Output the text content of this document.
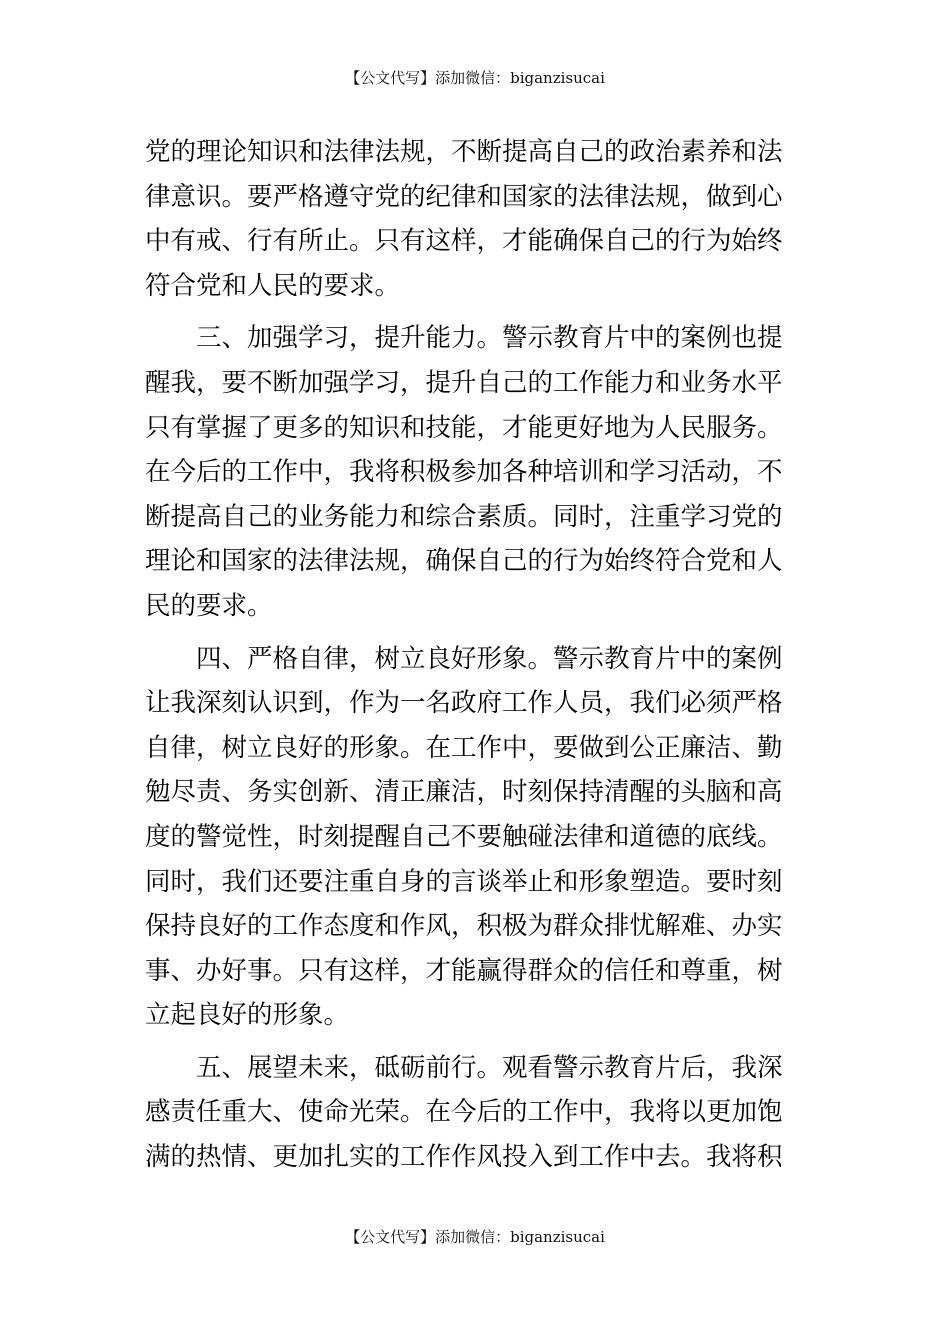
【公文代写】添加微信：biganzisucai

党的理论知识和法律法规，不断提高自己的政治素养和法
律意识。要严格遵守党的纪律和国家的法律法规，做到心
中有戒、行有所止。只有这样，才能确保自己的行为始终
符合党和人民的要求。

三、加强学习，提升能力。警示教育片中的案例也提
醒我，要不断加强学习，提升自己的工作能力和业务水平
只有掌握了更多的知识和技能，才能更好地为人民服务。
在今后的工作中，我将积极参加各种培训和学习活动，不
断提高自己的业务能力和综合素质。同时，注重学习党的
理论和国家的法律法规，确保自己的行为始终符合党和人
民的要求。

四、严格自律，树立良好形象。警示教育片中的案例
让我深刻认识到，作为一名政府工作人员，我们必须严格
自律，树立良好的形象。在工作中，要做到公正廉洁、勤
勉尽责、务实创新、清正廉洁，时刻保持清醒的头脑和高
度的警觉性，时刻提醒自己不要触碰法律和道德的底线。
同时，我们还要注重自身的言谈举止和形象塑造。要时刻
保持良好的工作态度和作风，积极为群众排忧解难、办实
事、办好事。只有这样，才能赢得群众的信任和尊重，树
立起良好的形象。

五、展望未来，砥砺前行。观看警示教育片后，我深
感责任重大、使命光荣。在今后的工作中，我将以更加饱
满的热情、更加扎实的工作作风投入到工作中去。我将积

【公文代写】添加微信：biganzisucai
